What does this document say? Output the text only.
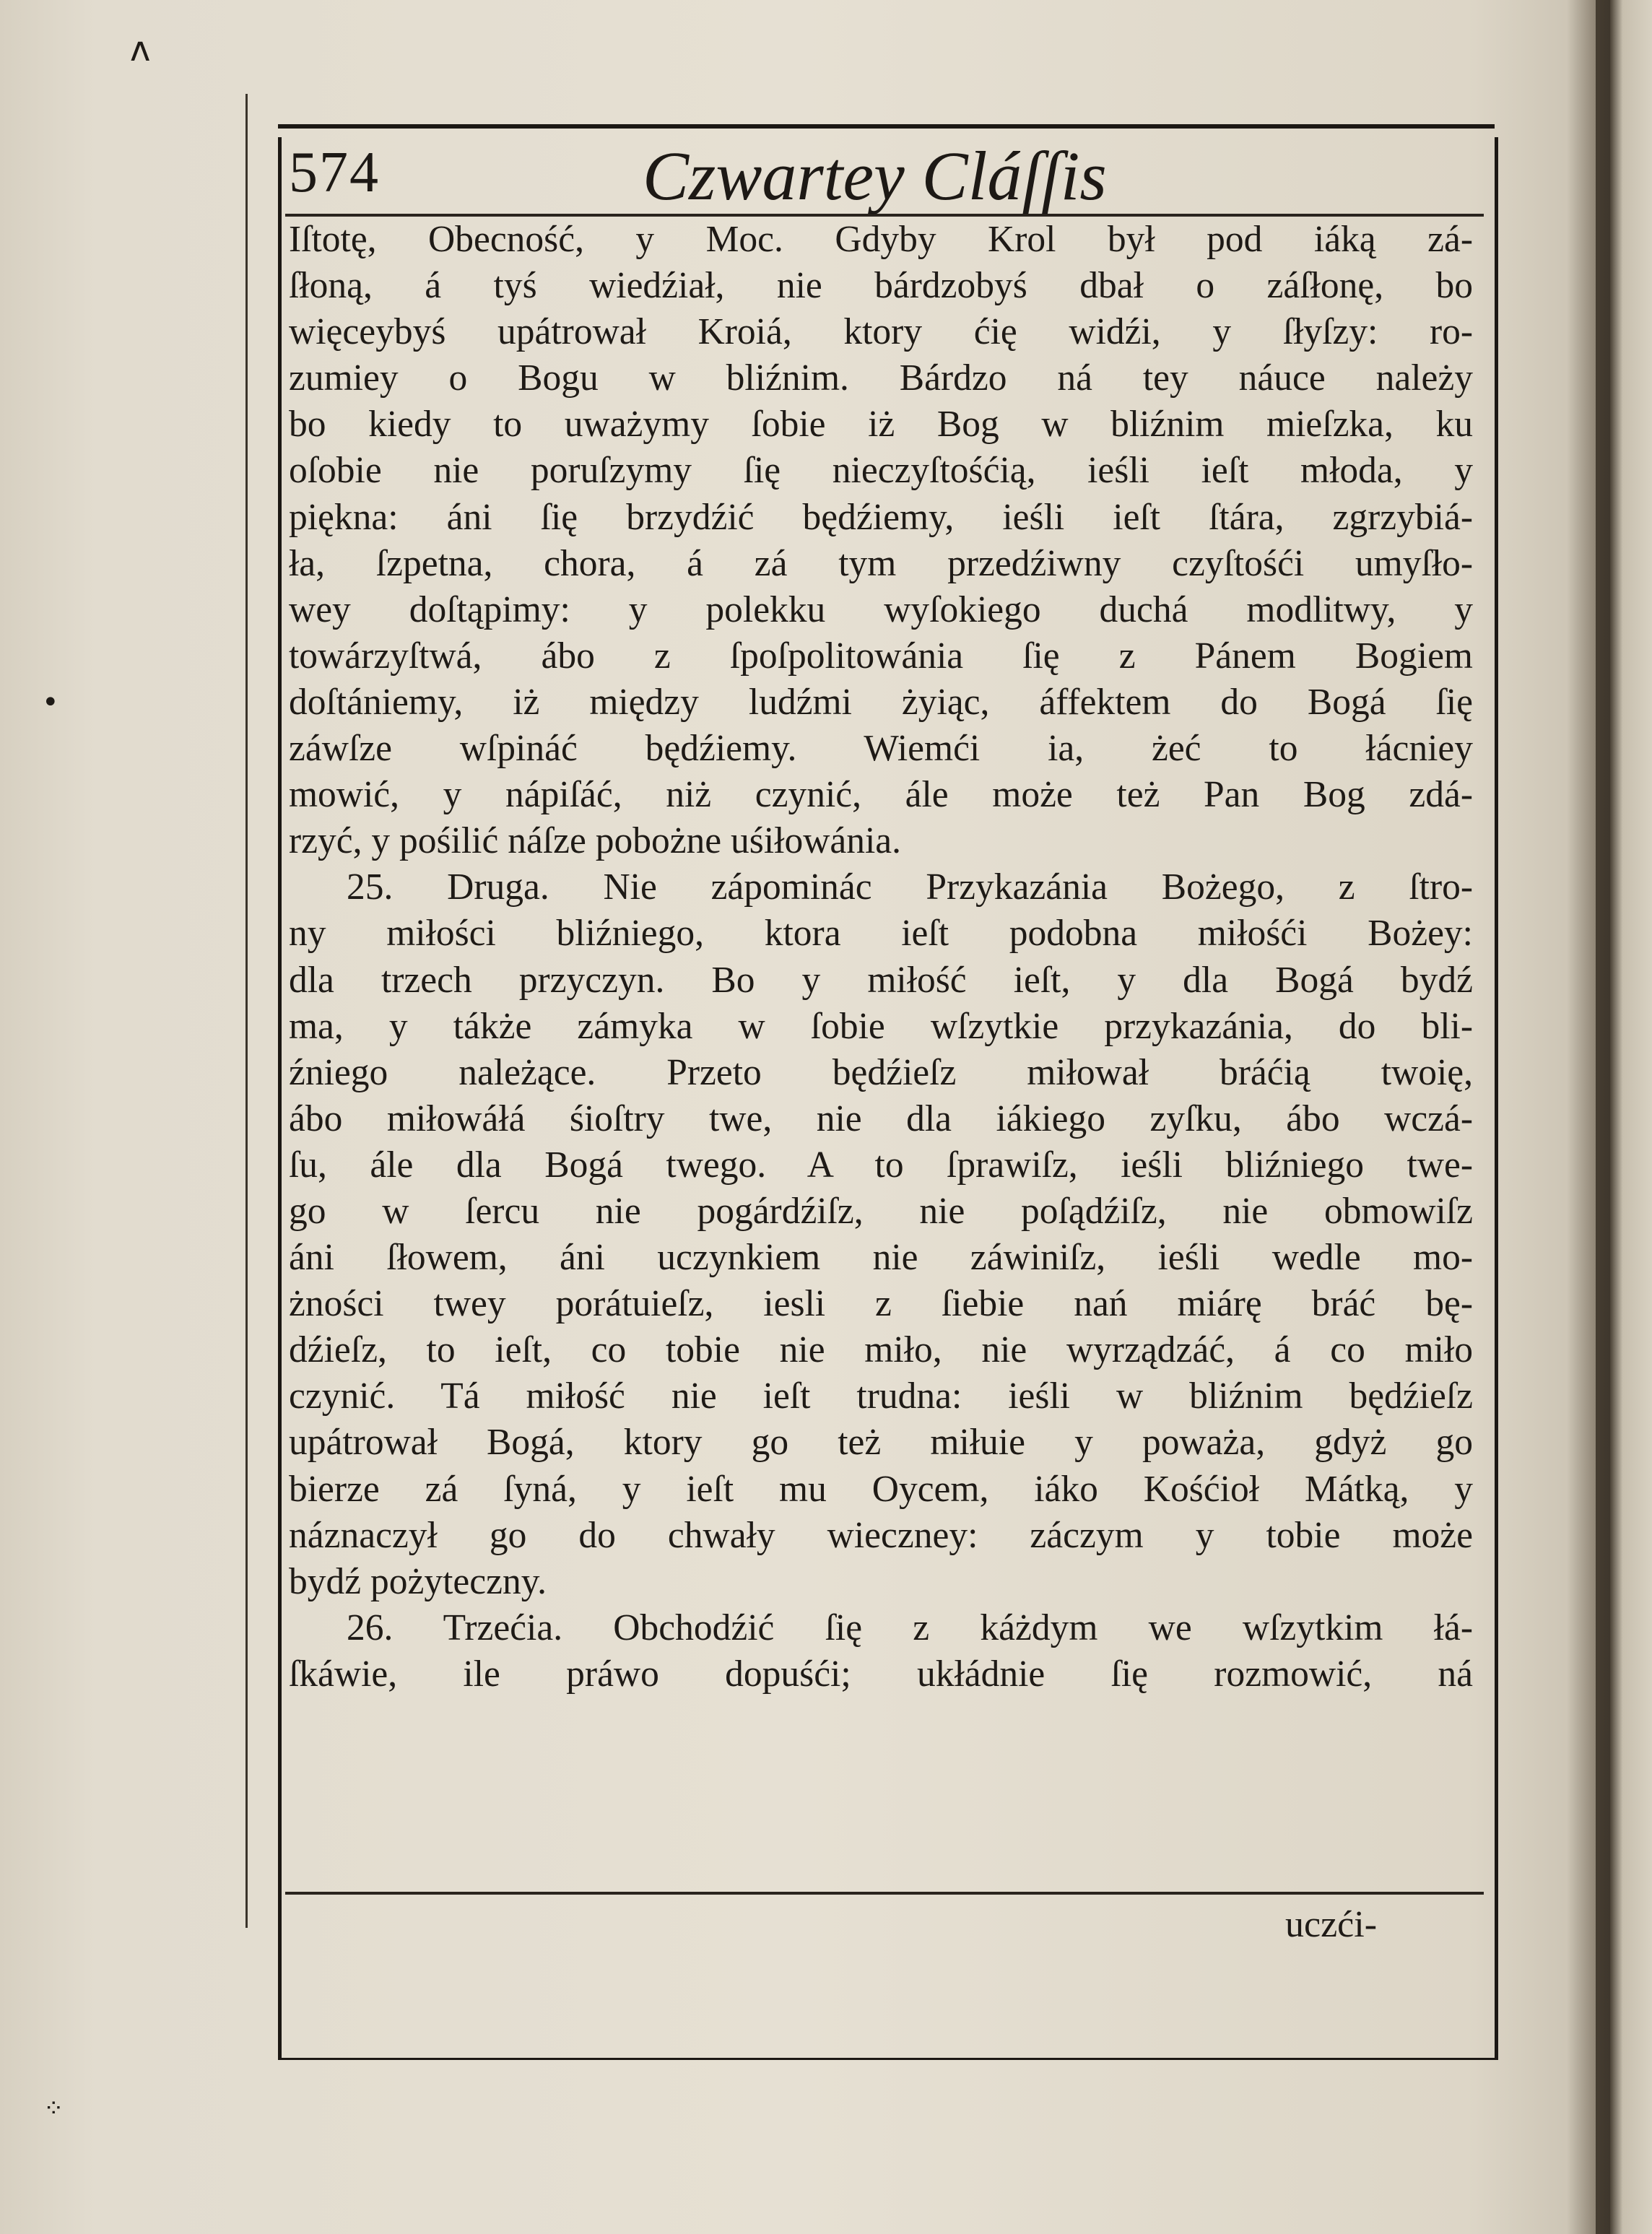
574	Czwartey Cláſſis
Iſtotę, Obecność, y Moc. Gdyby Krol był pod iáką zá-
ſłoną, á tyś wiedźiał, nie bárdzobyś dbał o záſłonę, bo
więceybyś upátrował Kroiá, ktory ćię widźi, y ſłyſzy: ro-
zumiey o Bogu w bliźnim. Bárdzo ná tey náuce należy
bo kiedy to uważymy ſobie iż Bog w bliźnim mieſzka, ku
oſobie nie poruſzymy ſię nieczyſtośćią, ieśli ieſt młoda, y
piękna: áni ſię brzydźić będźiemy, ieśli ieſt ſtára, zgrzybiá-
ła, ſzpetna, chora, á zá tym przedźiwny czyſtośći umyſło-
wey doſtąpimy: y polekku wyſokiego duchá modlitwy, y
towárzyſtwá, ábo z ſpoſpolitowánia ſię z Pánem Bogiem
doſtániemy, iż między ludźmi żyiąc, áffektem do Bogá ſię
záwſze wſpináć będźiemy. Wiemći ia, żeć to łácniey
mowić, y nápiſáć, niż czynić, ále może też Pan Bog zdá-
rzyć, y pośilić náſze pobożne uśiłowánia.
25. Druga. Nie zápominác Przykazánia Bożego, z ſtro-
ny miłości bliźniego, ktora ieſt podobna miłośći Bożey:
dla trzech przyczyn. Bo y miłość ieſt, y dla Bogá bydź
ma, y tákże zámyka w ſobie wſzytkie przykazánia, do bli-
źniego należące. Przeto będźieſz miłował bráćią twoię,
ábo miłowáłá śioſtry twe, nie dla iákiego zyſku, ábo wczá-
ſu, ále dla Bogá twego. A to ſprawiſz, ieśli bliźniego twe-
go w ſercu nie pogárdźiſz, nie poſądźiſz, nie obmowiſz
áni ſłowem, áni uczynkiem nie záwiniſz, ieśli wedle mo-
żności twey porátuieſz, iesli z ſiebie nań miárę bráć bę-
dźieſz, to ieſt, co tobie nie miło, nie wyrządzáć, á co miło
czynić. Tá miłość nie ieſt trudna: ieśli w bliźnim będźieſz
upátrował Bogá, ktory go też miłuie y poważa, gdyż go
bierze zá ſyná, y ieſt mu Oycem, iáko Kośćioł Mátką, y
náznaczył go do chwały wieczney: záczym y tobie może
bydź pożyteczny.
26. Trzećia. Obchodźić ſię z káżdym we wſzytkim łá-
ſkáwie, ile práwo dopuśći; ukłádnie ſię rozmowić, ná
uczći-
ʌ
•
⁘
